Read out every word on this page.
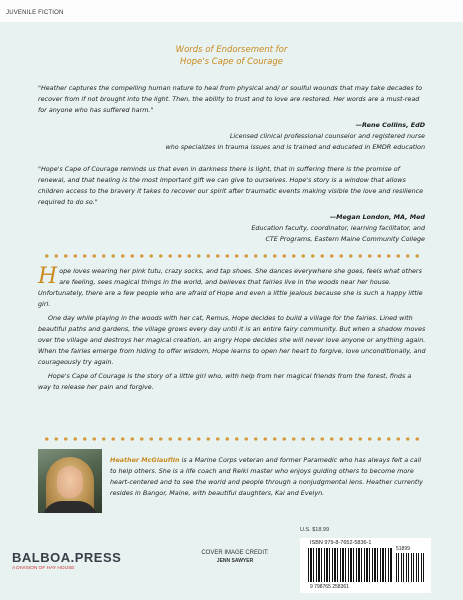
JUVENILE FICTION
Words of Endorsement for
Hope's Cape of Courage
"Heather captures the compelling human nature to heal from physical and/ or soulful wounds that may take decades to recover from if not brought into the light. Then, the ability to trust and to love are restored. Her words are a must-read for anyone who has suffered harm."
—Rene Collins, EdD
Licensed clinical professional counselor and registered nurse
who specializes in trauma issues and is trained and educated in EMDR education
"Hope's Cape of Courage reminds us that even in darkness there is light, that in suffering there is the promise of renewal, and that healing is the most important gift we can give to ourselves. Hope's story is a window that allows children access to the bravery it takes to recover our spirit after traumatic events making visible the love and resilience required to do so."
—Megan London, MA, Med
Education faculty, coordinator, learning facilitator, and
CTE Programs, Eastern Maine Community College

Hope loves wearing her pink tutu, crazy socks, and tap shoes. She dances everywhere she goes, feels what others are feeling, sees magical things in the world, and believes that fairies live in the woods near her house. Unfortunately, there are a few people who are afraid of Hope and even a little jealous because she is such a happy little girl.

One day while playing in the woods with her cat, Remus, Hope decides to build a village for the fairies. Lined with beautiful paths and gardens, the village grows every day until it is an entire fairy community. But when a shadow moves over the village and destroys her magical creation, an angry Hope decides she will never love anyone or anything again. When the fairies emerge from hiding to offer wisdom, Hope learns to open her heart to forgive, love unconditionally, and courageously try again.

Hope's Cape of Courage is the story of a little girl who, with help from her magical friends from the forest, finds a way to release her pain and forgive.

Heather McGlauflin is a Marine Corps veteran and former Paramedic who has always felt a call to help others. She is a life coach and Reiki master who enjoys guiding others to become more heart-centered and to see the world and people through a nonjudgmental lens. Heather currently resides in Bangor, Maine, with beautiful daughters, Kai and Evelyn.
BALBOA.PRESS
A DIVISION OF HAY HOUSE
COVER IMAGE CREDIT:
JENN SAWYER
U.S. $18.99
ISBN 979-8-7652-5836-1
51899
9 798765 258361
